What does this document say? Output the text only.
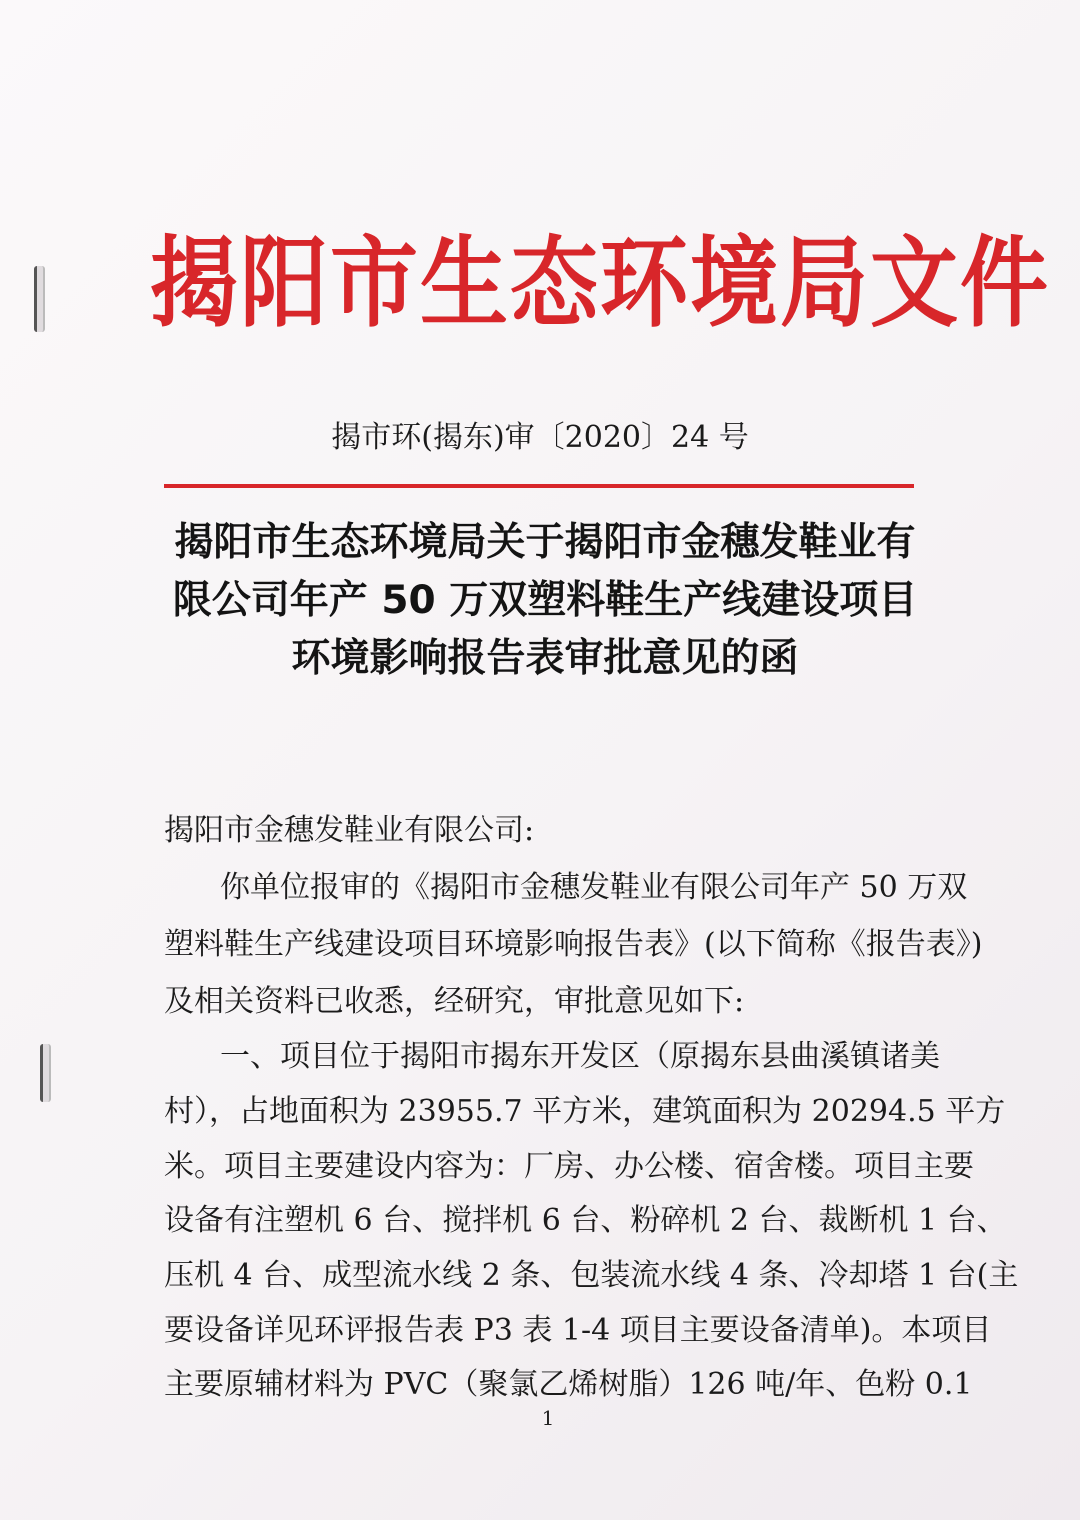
揭阳市生态环境局文件
揭市环(揭东)审〔2020〕24 号
揭阳市生态环境局关于揭阳市金穗发鞋业有
限公司年产 50 万双塑料鞋生产线建设项目
环境影响报告表审批意见的函
揭阳市金穗发鞋业有限公司:
你单位报审的《揭阳市金穗发鞋业有限公司年产 50 万双
塑料鞋生产线建设项目环境影响报告表》(以下简称《报告表》)
及相关资料已收悉，经研究，审批意见如下:
一、项目位于揭阳市揭东开发区（原揭东县曲溪镇诸美
村），占地面积为 23955.7 平方米，建筑面积为 20294.5 平方
米。项目主要建设内容为：厂房、办公楼、宿舍楼。项目主要
设备有注塑机 6 台、搅拌机 6 台、粉碎机 2 台、裁断机 1 台、
压机 4 台、成型流水线 2 条、包装流水线 4 条、冷却塔 1 台(主
要设备详见环评报告表 P3 表 1-4 项目主要设备清单)。本项目
主要原辅材料为 PVC（聚氯乙烯树脂）126 吨/年、色粉 0.1
1
